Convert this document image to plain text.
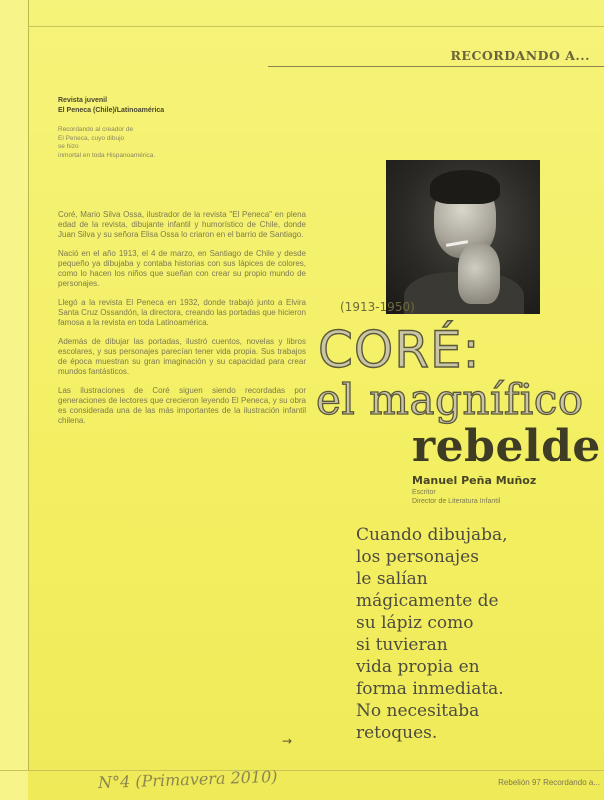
RECORDANDO A...
Revista juvenil
El Peneca (Chile)/Latinoamérica
Recordando al creador de
El Peneca, cuyo dibujo
se hizo
inmortal en toda Hispanoamérica.

Coré, Mario Silva Ossa, ilustrador de la revista "El Peneca" en plena edad de la revista, dibujante infantil y humorístico de Chile, donde Juan Silva y su señora Elisa Ossa lo criaron en el barrio de Santiago.

Nació en el año 1913, el 4 de marzo, en Santiago de Chile y desde pequeño ya dibujaba y contaba historias con sus lápices de colores, como lo hacen los niños que sueñan con crear su propio mundo de personajes.

Llegó a la revista El Peneca en 1932, donde trabajó junto a Elvira Santa Cruz Ossandón, la directora, creando las portadas que hicieron famosa a la revista en toda Latinoamérica.

Además de dibujar las portadas, ilustró cuentos, novelas y libros escolares, y sus personajes parecían tener vida propia. Sus trabajos de época muestran su gran imaginación y su capacidad para crear mundos fantásticos.

Las ilustraciones de Coré siguen siendo recordadas por generaciones de lectores que crecieron leyendo El Peneca, y su obra es considerada una de las más importantes de la ilustración infantil chilena.

→
(1913-1950)
CORÉ:
el magnífico
rebelde
Manuel Peña Muñoz
Escritor
Director de Literatura Infantil
Cuando dibujaba,
los personajes
le salían
mágicamente de
su lápiz como
si tuvieran
vida propia en
forma inmediata.
No necesitaba
retoques.
N°4 (Primavera 2010)	Rebelión 97 Recordando a...
